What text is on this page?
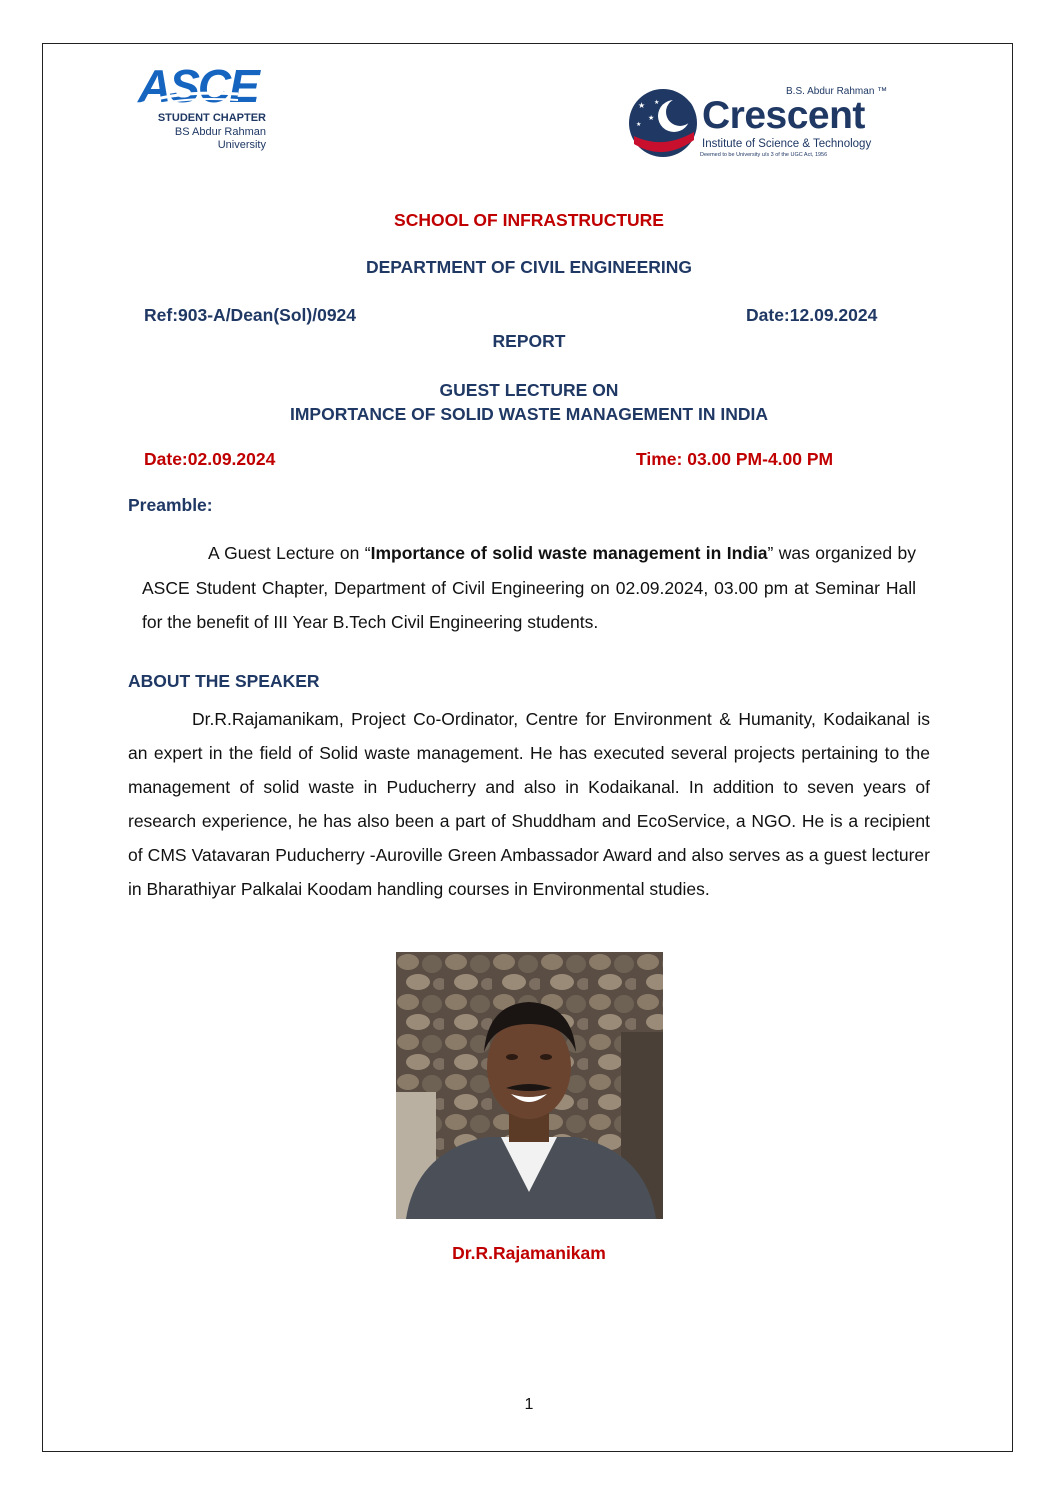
ASCE
STUDENT CHAPTER
BS Abdur Rahman
University
★
★
★
★
B.S. Abdur Rahman ™
Crescent
Institute of Science & Technology
Deemed to be University u/s 3 of the UGC Act, 1956
SCHOOL OF INFRASTRUCTURE
DEPARTMENT OF CIVIL ENGINEERING
Ref:903-A/Dean(Sol)/0924	Date:12.09.2024
REPORT
GUEST LECTURE ON
IMPORTANCE OF SOLID WASTE MANAGEMENT IN INDIA
Date:02.09.2024	Time: 03.00 PM-4.00 PM
Preamble:
A Guest Lecture on “Importance of solid waste management in India” was organized by ASCE Student Chapter, Department of Civil Engineering on 02.09.2024, 03.00 pm at Seminar Hall for the benefit of III Year B.Tech Civil Engineering students.
ABOUT THE SPEAKER
Dr.R.Rajamanikam, Project Co-Ordinator, Centre for Environment & Humanity, Kodaikanal is an expert in the field of Solid waste management. He has executed several projects pertaining to the management of solid waste in Puducherry and also in Kodaikanal. In addition to seven years of research experience, he has also been a part of Shuddham and EcoService, a NGO. He is a recipient of CMS Vatavaran Puducherry -Auroville Green Ambassador Award and also serves as a guest lecturer in Bharathiyar Palkalai Koodam handling courses in Environmental studies.
Dr.R.Rajamanikam
1
